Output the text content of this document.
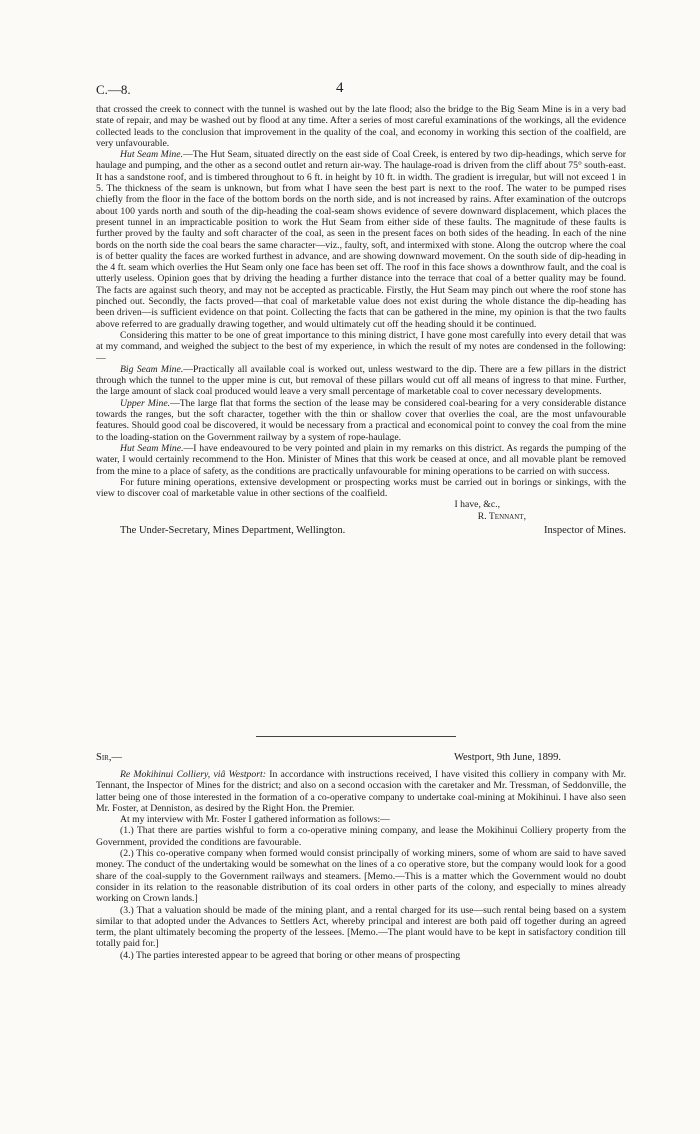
C.—8.	4

that crossed the creek to connect with the tunnel is washed out by the late flood; also the bridge to the Big Seam Mine is in a very bad state of repair, and may be washed out by flood at any time. After a series of most careful examinations of the workings, all the evidence collected leads to the conclusion that improvement in the quality of the coal, and economy in working this section of the coalfield, are very unfavourable.

Hut Seam Mine.—The Hut Seam, situated directly on the east side of Coal Creek, is entered by two dip-headings, which serve for haulage and pumping, and the other as a second outlet and return air-way. The haulage-road is driven from the cliff about 75° south-east. It has a sandstone roof, and is timbered throughout to 6 ft. in height by 10 ft. in width. The gradient is irregular, but will not exceed 1 in 5. The thickness of the seam is unknown, but from what I have seen the best part is next to the roof. The water to be pumped rises chiefly from the floor in the face of the bottom bords on the north side, and is not increased by rains. After examination of the outcrops about 100 yards north and south of the dip-heading the coal-seam shows evidence of severe downward displacement, which places the present tunnel in an impracticable position to work the Hut Seam from either side of these faults. The magnitude of these faults is further proved by the faulty and soft character of the coal, as seen in the present faces on both sides of the heading. In each of the nine bords on the north side the coal bears the same character—viz., faulty, soft, and intermixed with stone. Along the outcrop where the coal is of better quality the faces are worked furthest in advance, and are showing downward movement. On the south side of dip-heading in the 4 ft. seam which overlies the Hut Seam only one face has been set off. The roof in this face shows a downthrow fault, and the coal is utterly useless. Opinion goes that by driving the heading a further distance into the terrace that coal of a better quality may be found. The facts are against such theory, and may not be accepted as practicable. Firstly, the Hut Seam may pinch out where the roof stone has pinched out. Secondly, the facts proved—that coal of marketable value does not exist during the whole distance the dip-heading has been driven—is sufficient evidence on that point. Collecting the facts that can be gathered in the mine, my opinion is that the two faults above referred to are gradually drawing together, and would ultimately cut off the heading should it be continued.

Considering this matter to be one of great importance to this mining district, I have gone most carefully into every detail that was at my command, and weighed the subject to the best of my experience, in which the result of my notes are condensed in the following:—

Big Seam Mine.—Practically all available coal is worked out, unless westward to the dip. There are a few pillars in the district through which the tunnel to the upper mine is cut, but removal of these pillars would cut off all means of ingress to that mine. Further, the large amount of slack coal produced would leave a very small percentage of marketable coal to cover necessary developments.

Upper Mine.—The large flat that forms the section of the lease may be considered coal-bearing for a very considerable distance towards the ranges, but the soft character, together with the thin or shallow cover that overlies the coal, are the most unfavourable features. Should good coal be discovered, it would be necessary from a practical and economical point to convey the coal from the mine to the loading-station on the Government railway by a system of rope-haulage.

Hut Seam Mine.—I have endeavoured to be very pointed and plain in my remarks on this district. As regards the pumping of the water, I would certainly recommend to the Hon. Minister of Mines that this work be ceased at once, and all movable plant be removed from the mine to a place of safety, as the conditions are practically unfavourable for mining operations to be carried on with success.

For future mining operations, extensive development or prospecting works must be carried out in borings or sinkings, with the view to discover coal of marketable value in other sections of the coalfield.

I have, &c.,
R. Tennant,
The Under-Secretary, Mines Department, Wellington.	Inspector of Mines.
Sir,—	Westport, 9th June, 1899.

Re Mokihinui Colliery, viâ Westport: In accordance with instructions received, I have visited this colliery in company with Mr. Tennant, the Inspector of Mines for the district; and also on a second occasion with the caretaker and Mr. Tressman, of Seddonville, the latter being one of those interested in the formation of a co-operative company to undertake coal-mining at Mokihinui. I have also seen Mr. Foster, at Denniston, as desired by the Right Hon. the Premier.

At my interview with Mr. Foster I gathered information as follows:—

(1.) That there are parties wishful to form a co-operative mining company, and lease the Mokihinui Colliery property from the Government, provided the conditions are favourable.

(2.) This co-operative company when formed would consist principally of working miners, some of whom are said to have saved money. The conduct of the undertaking would be somewhat on the lines of a co operative store, but the company would look for a good share of the coal-supply to the Government railways and steamers. [Memo.—This is a matter which the Government would no doubt consider in its relation to the reasonable distribution of its coal orders in other parts of the colony, and especially to mines already working on Crown lands.]

(3.) That a valuation should be made of the mining plant, and a rental charged for its use—such rental being based on a system similar to that adopted under the Advances to Settlers Act, whereby principal and interest are both paid off together during an agreed term, the plant ultimately becoming the property of the lessees. [Memo.—The plant would have to be kept in satisfactory condition till totally paid for.]

(4.) The parties interested appear to be agreed that boring or other means of prospecting
